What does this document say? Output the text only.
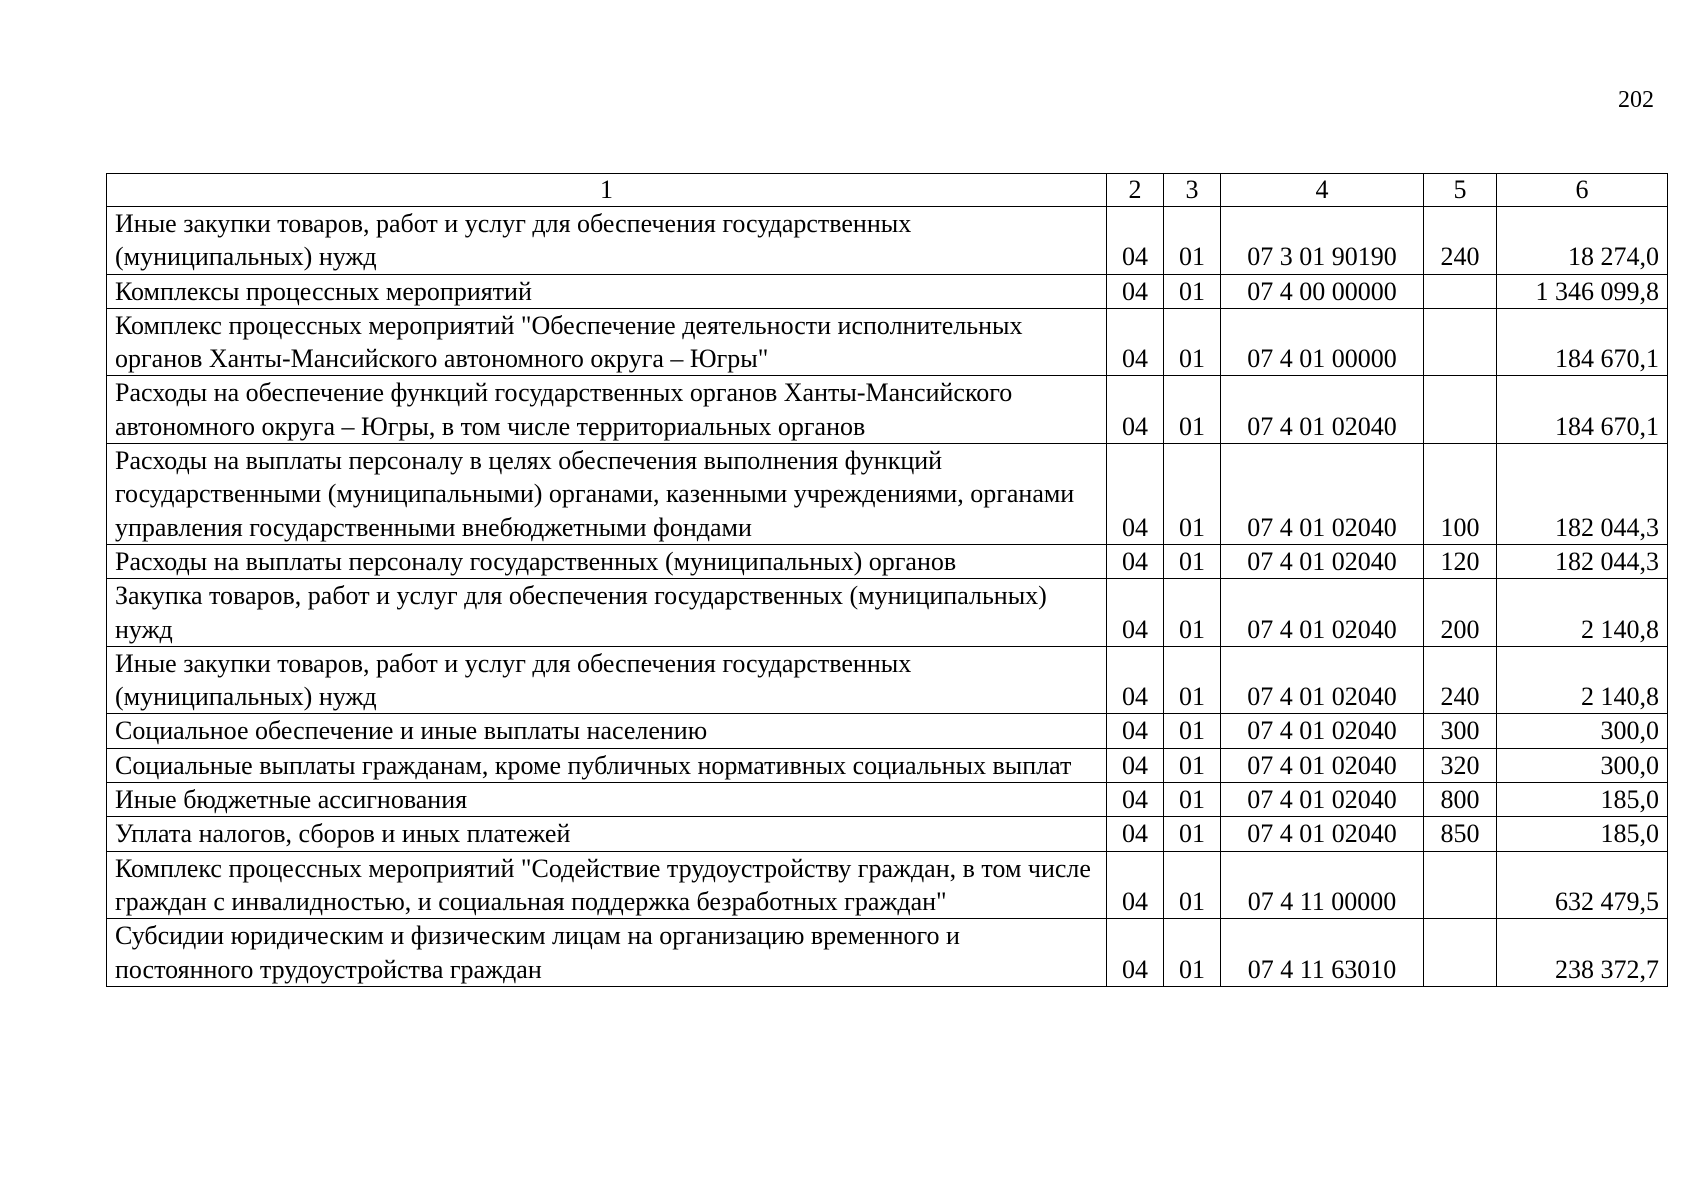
202
1	2	3	4	5	6
Иные закупки товаров, работ и услуг для обеспечения государственных (муниципальных) нужд	04	01	07 3 01 90190	240	18 274,0
Комплексы процессных мероприятий	04	01	07 4 00 00000		1 346 099,8
Комплекс процессных мероприятий "Обеспечение деятельности исполнительных органов Ханты-Мансийского автономного округа – Югры"	04	01	07 4 01 00000		184 670,1
Расходы на обеспечение функций государственных органов Ханты-Мансийского автономного округа – Югры, в том числе территориальных органов	04	01	07 4 01 02040		184 670,1
Расходы на выплаты персоналу в целях обеспечения выполнения функций государственными (муниципальными) органами, казенными учреждениями, органами управления государственными внебюджетными фондами	04	01	07 4 01 02040	100	182 044,3
Расходы на выплаты персоналу государственных (муниципальных) органов	04	01	07 4 01 02040	120	182 044,3
Закупка товаров, работ и услуг для обеспечения государственных (муниципальных) нужд	04	01	07 4 01 02040	200	2 140,8
Иные закупки товаров, работ и услуг для обеспечения государственных (муниципальных) нужд	04	01	07 4 01 02040	240	2 140,8
Социальное обеспечение и иные выплаты населению	04	01	07 4 01 02040	300	300,0
Социальные выплаты гражданам, кроме публичных нормативных социальных выплат	04	01	07 4 01 02040	320	300,0
Иные бюджетные ассигнования	04	01	07 4 01 02040	800	185,0
Уплата налогов, сборов и иных платежей	04	01	07 4 01 02040	850	185,0
Комплекс процессных мероприятий "Содействие трудоустройству граждан, в том числе граждан с инвалидностью, и социальная поддержка безработных граждан"	04	01	07 4 11 00000		632 479,5
Субсидии юридическим и физическим лицам на организацию временного и постоянного трудоустройства граждан	04	01	07 4 11 63010		238 372,7
